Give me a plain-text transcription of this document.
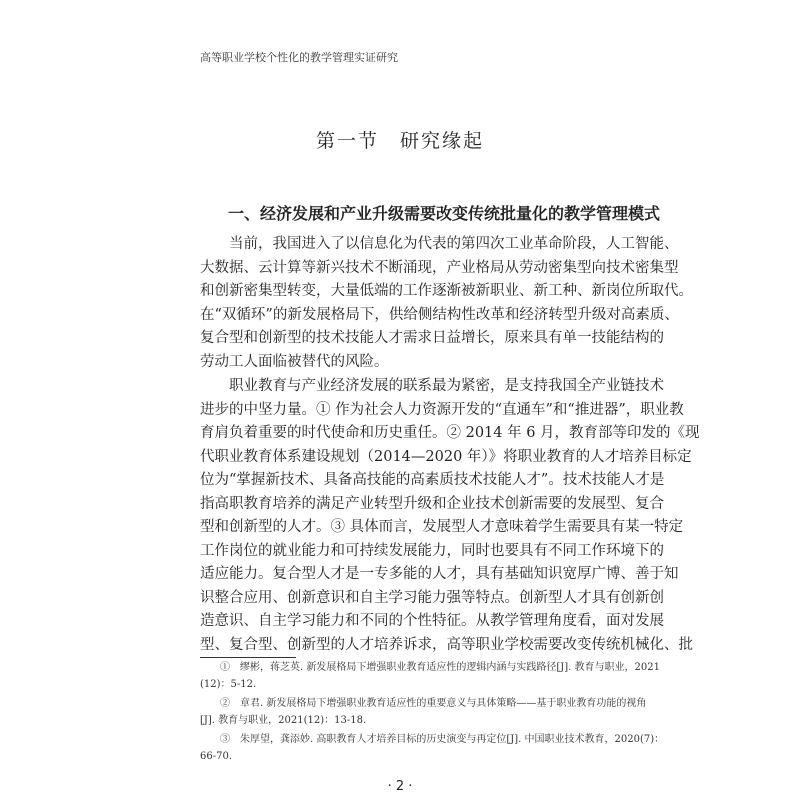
高等职业学校个性化的教学管理实证研究
第一节　研究缘起
一、经济发展和产业升级需要改变传统批量化的教学管理模式
当前，我国进入了以信息化为代表的第四次工业革命阶段，人工智能、
大数据、云计算等新兴技术不断涌现，产业格局从劳动密集型向技术密集型
和创新密集型转变，大量低端的工作逐渐被新职业、新工种、新岗位所取代。
在“双循环”的新发展格局下，供给侧结构性改革和经济转型升级对高素质、
复合型和创新型的技术技能人才需求日益增长，原来具有单一技能结构的
劳动工人面临被替代的风险。
职业教育与产业经济发展的联系最为紧密，是支持我国全产业链技术
进步的中坚力量。① 作为社会人力资源开发的“直通车”和“推进器”，职业教
育肩负着重要的时代使命和历史重任。② 2014 年 6 月，教育部等印发的《现
代职业教育体系建设规划（2014—2020 年）》将职业教育的人才培养目标定
位为“掌握新技术、具备高技能的高素质技术技能人才”。技术技能人才是
指高职教育培养的满足产业转型升级和企业技术创新需要的发展型、复合
型和创新型的人才。③ 具体而言，发展型人才意味着学生需要具有某一特定
工作岗位的就业能力和可持续发展能力，同时也要具有不同工作环境下的
适应能力。复合型人才是一专多能的人才，具有基础知识宽厚广博、善于知
识整合应用、创新意识和自主学习能力强等特点。创新型人才具有创新创
造意识、自主学习能力和不同的个性特征。从教学管理角度看，面对发展
型、复合型、创新型的人才培养诉求，高等职业学校需要改变传统机械化、批
①　缪彬，蒋芝英. 新发展格局下增强职业教育适应性的逻辑内涵与实践路径[J]. 教育与职业，2021
(12)：5-12.
②　章君. 新发展格局下增强职业教育适应性的重要意义与具体策略——基于职业教育功能的视角
[J]. 教育与职业，2021(12)：13-18.
③　朱厚望，龚添妙. 高职教育人才培养目标的历史演变与再定位[J]. 中国职业技术教育，2020(7)：
66-70.
· 2 ·
